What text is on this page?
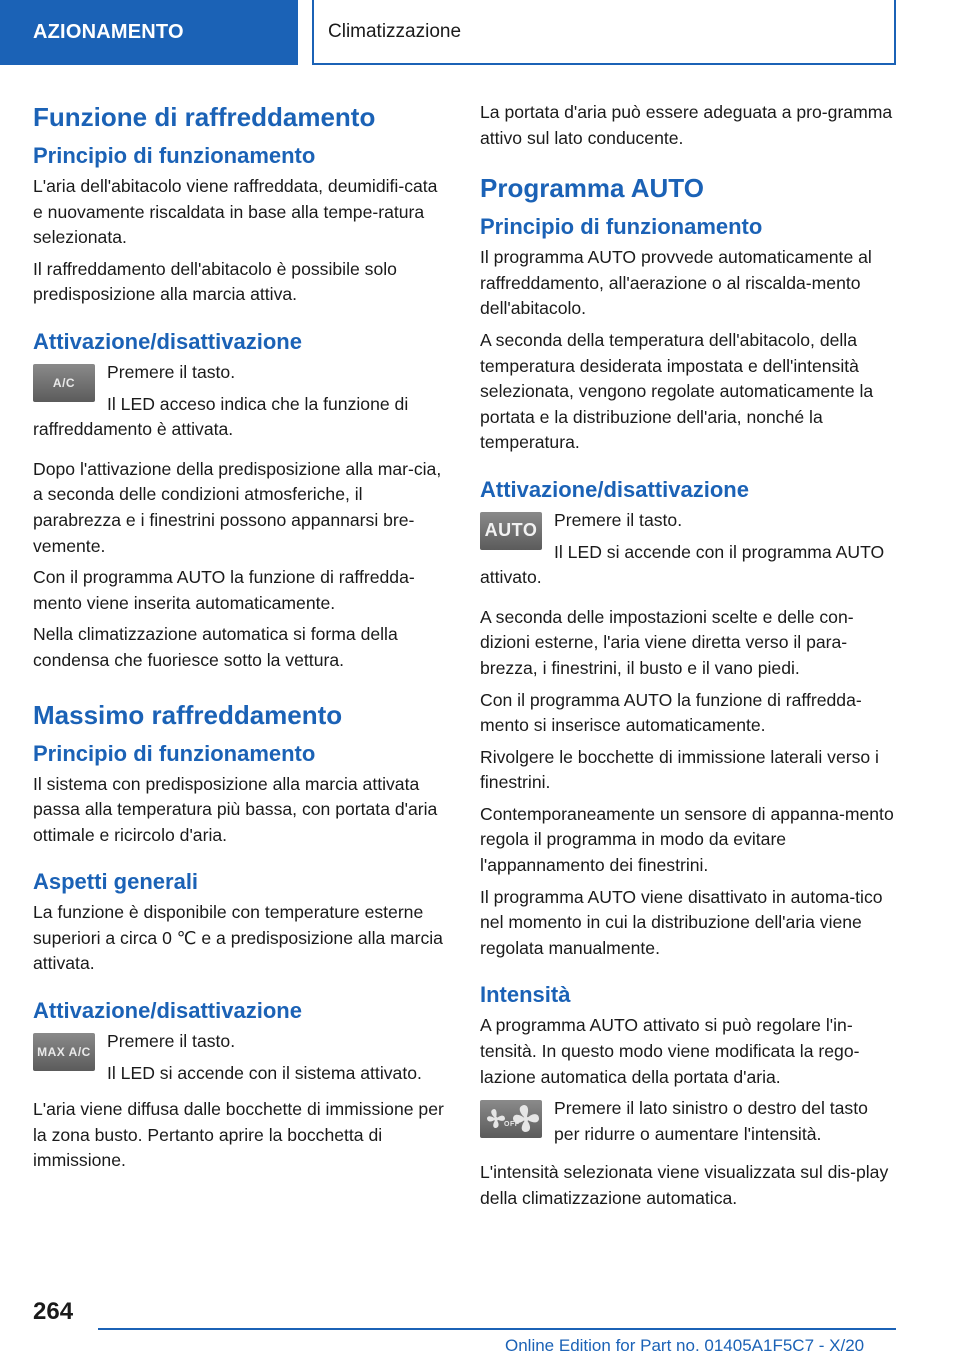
AZIONAMENTO	Climatizzazione
Funzione di raffreddamento
Principio di funzionamento

L'aria dell'abitacolo viene raffreddata, deumidifi-cata e nuovamente riscaldata in base alla tempe-ratura selezionata.

Il raffreddamento dell'abitacolo è possibile solo predisposizione alla marcia attiva.

Attivazione/disattivazione
A/C

Premere il tasto.

Il LED acceso indica che la funzione di raffreddamento è attivata.

Dopo l'attivazione della predisposizione alla mar-cia, a seconda delle condizioni atmosferiche, il parabrezza e i finestrini possono appannarsi bre-vemente.

Con il programma AUTO la funzione di raffredda-mento viene inserita automaticamente.

Nella climatizzazione automatica si forma della condensa che fuoriesce sotto la vettura.

Massimo raffreddamento
Principio di funzionamento

Il sistema con predisposizione alla marcia attivata passa alla temperatura più bassa, con portata d'aria ottimale e ricircolo d'aria.

Aspetti generali

La funzione è disponibile con temperature esterne superiori a circa 0 ℃ e a predisposizione alla marcia attivata.

Attivazione/disattivazione
MAX A/C

Premere il tasto.

Il LED si accende con il sistema attivato.

L'aria viene diffusa dalle bocchette di immissione per la zona busto. Pertanto aprire la bocchetta di immissione.

La portata d'aria può essere adeguata a pro-gramma attivo sul lato conducente.

Programma AUTO
Principio di funzionamento

Il programma AUTO provvede automaticamente al raffreddamento, all'aerazione o al riscalda-mento dell'abitacolo.

A seconda della temperatura dell'abitacolo, della temperatura desiderata impostata e dell'intensità selezionata, vengono regolate automaticamente la portata e la distribuzione dell'aria, nonché la temperatura.

Attivazione/disattivazione
AUTO

Premere il tasto.

Il LED si accende con il programma AUTO attivato.

A seconda delle impostazioni scelte e delle con-dizioni esterne, l'aria viene diretta verso il para-brezza, i finestrini, il busto e il vano piedi.

Con il programma AUTO la funzione di raffredda-mento si inserisce automaticamente.

Rivolgere le bocchette di immissione laterali verso i finestrini.

Contemporaneamente un sensore di appanna-mento regola il programma in modo da evitare l'appannamento dei finestrini.

Il programma AUTO viene disattivato in automa-tico nel momento in cui la distribuzione dell'aria viene regolata manualmente.

Intensità

A programma AUTO attivato si può regolare l'in-tensità. In questo modo viene modificata la rego-lazione automatica della portata d'aria.

OFF

Premere il lato sinistro o destro del tasto per ridurre o aumentare l'intensità.

L'intensità selezionata viene visualizzata sul dis-play della climatizzazione automatica.

264
Online Edition for Part no. 01405A1F5C7 - X/20
